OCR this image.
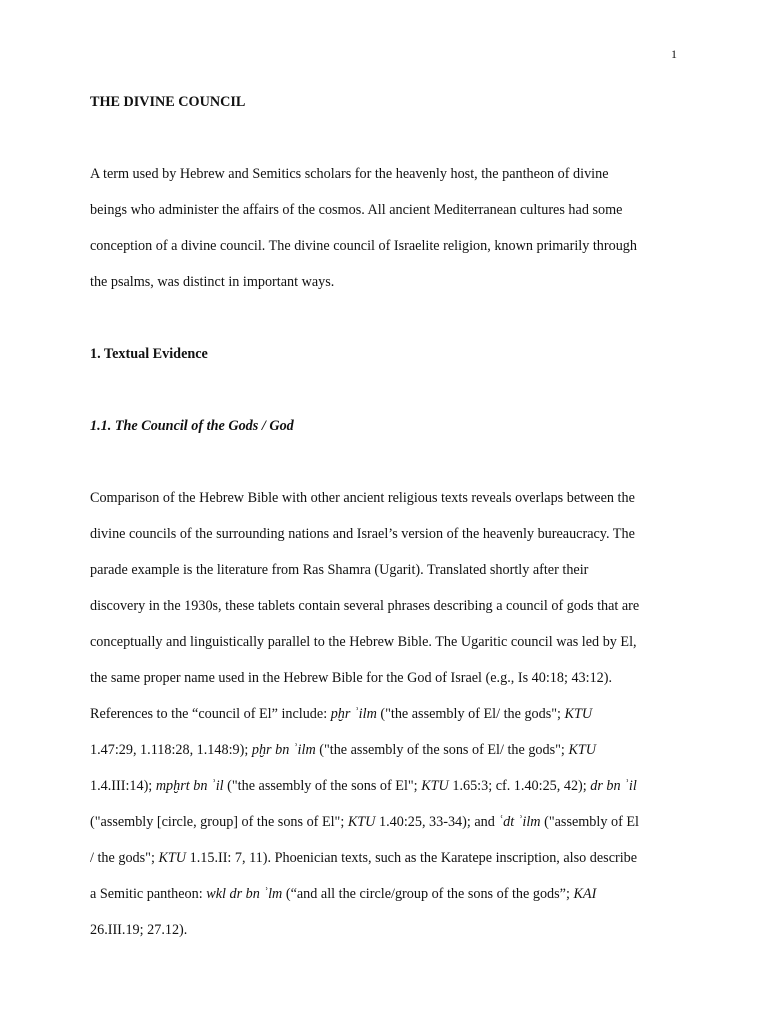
1
THE DIVINE COUNCIL
A term used by Hebrew and Semitics scholars for the heavenly host, the pantheon of divine
beings who administer the affairs of the cosmos. All ancient Mediterranean cultures had some
conception of a divine council. The divine council of Israelite religion, known primarily through
the psalms, was distinct in important ways.
1. Textual Evidence
1.1. The Council of the Gods / God
Comparison of the Hebrew Bible with other ancient religious texts reveals overlaps between the
divine councils of the surrounding nations and Israel’s version of the heavenly bureaucracy. The
parade example is the literature from Ras Shamra (Ugarit). Translated shortly after their
discovery in the 1930s, these tablets contain several phrases describing a council of gods that are
conceptually and linguistically parallel to the Hebrew Bible. The Ugaritic council was led by El,
the same proper name used in the Hebrew Bible for the God of Israel (e.g., Is 40:18; 43:12).
References to the “council of El” include: pḫr ʾilm ("the assembly of El/ the gods"; KTU
1.47:29, 1.118:28, 1.148:9); pḫr bn ʾilm ("the assembly of the sons of El/ the gods"; KTU
1.4.III:14); mpḫrt bn ʾil ("the assembly of the sons of El"; KTU 1.65:3; cf. 1.40:25, 42); dr bn ʾil
("assembly [circle, group] of the sons of El"; KTU 1.40:25, 33-34); and ʿdt ʾilm ("assembly of El
/ the gods"; KTU 1.15.II: 7, 11). Phoenician texts, such as the Karatepe inscription, also describe
a Semitic pantheon: wkl dr bn ʾlm (“and all the circle/group of the sons of the gods”; KAI
26.III.19; 27.12).
